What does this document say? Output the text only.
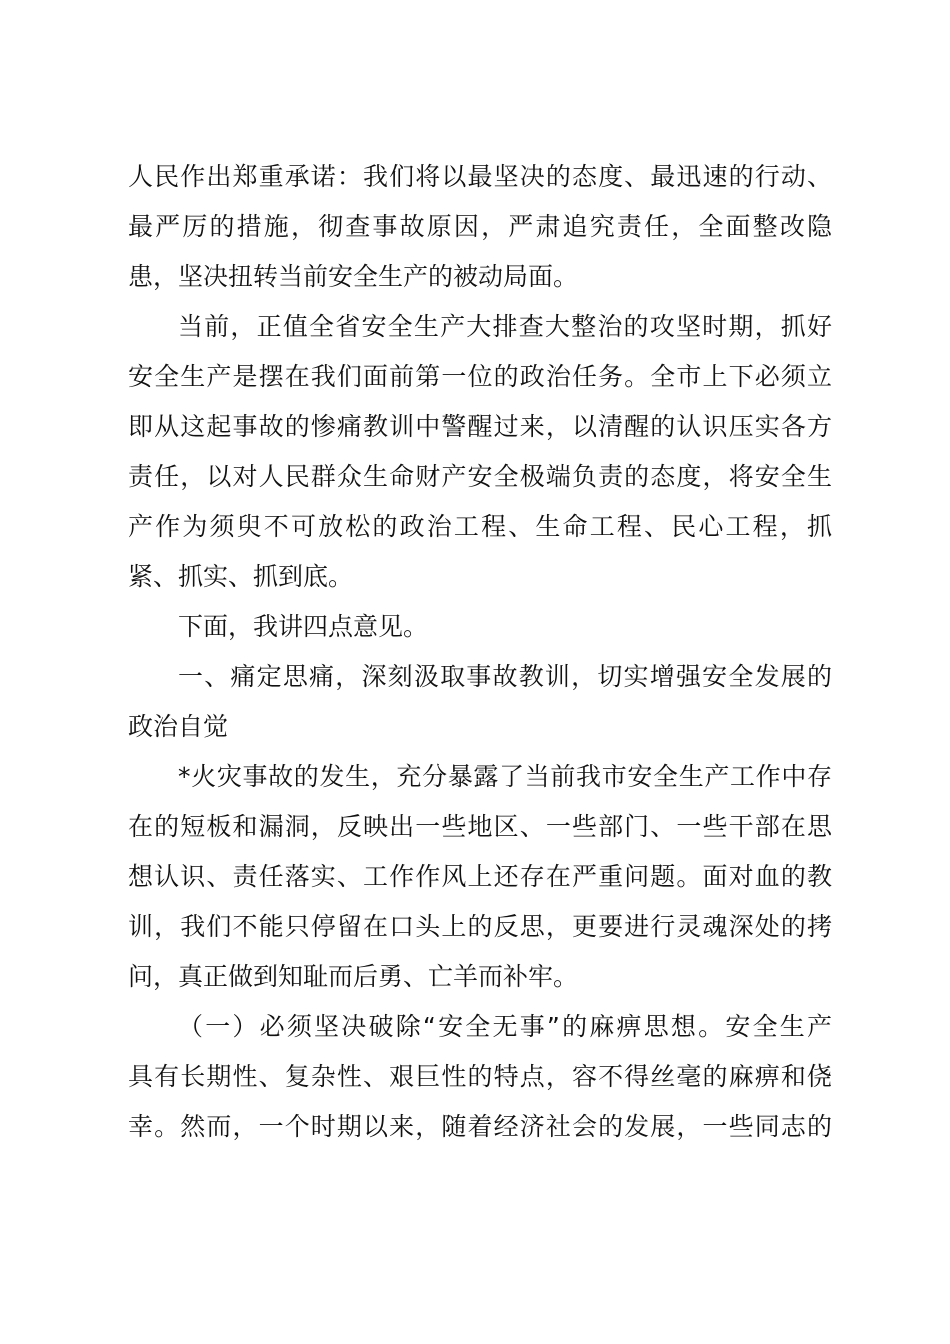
人民作出郑重承诺：我们将以最坚决的态度、最迅速的行动、
最严厉的措施，彻查事故原因，严肃追究责任，全面整改隐
患，坚决扭转当前安全生产的被动局面。
当前，正值全省安全生产大排查大整治的攻坚时期，抓好
安全生产是摆在我们面前第一位的政治任务。全市上下必须立
即从这起事故的惨痛教训中警醒过来，以清醒的认识压实各方
责任，以对人民群众生命财产安全极端负责的态度，将安全生
产作为须臾不可放松的政治工程、生命工程、民心工程，抓
紧、抓实、抓到底。
下面，我讲四点意见。
一、痛定思痛，深刻汲取事故教训，切实增强安全发展的
政治自觉
*火灾事故的发生，充分暴露了当前我市安全生产工作中存
在的短板和漏洞，反映出一些地区、一些部门、一些干部在思
想认识、责任落实、工作作风上还存在严重问题。面对血的教
训，我们不能只停留在口头上的反思，更要进行灵魂深处的拷
问，真正做到知耻而后勇、亡羊而补牢。
（一）必须坚决破除“安全无事”的麻痹思想。安全生产
具有长期性、复杂性、艰巨性的特点，容不得丝毫的麻痹和侥
幸。然而，一个时期以来，随着经济社会的发展，一些同志的
